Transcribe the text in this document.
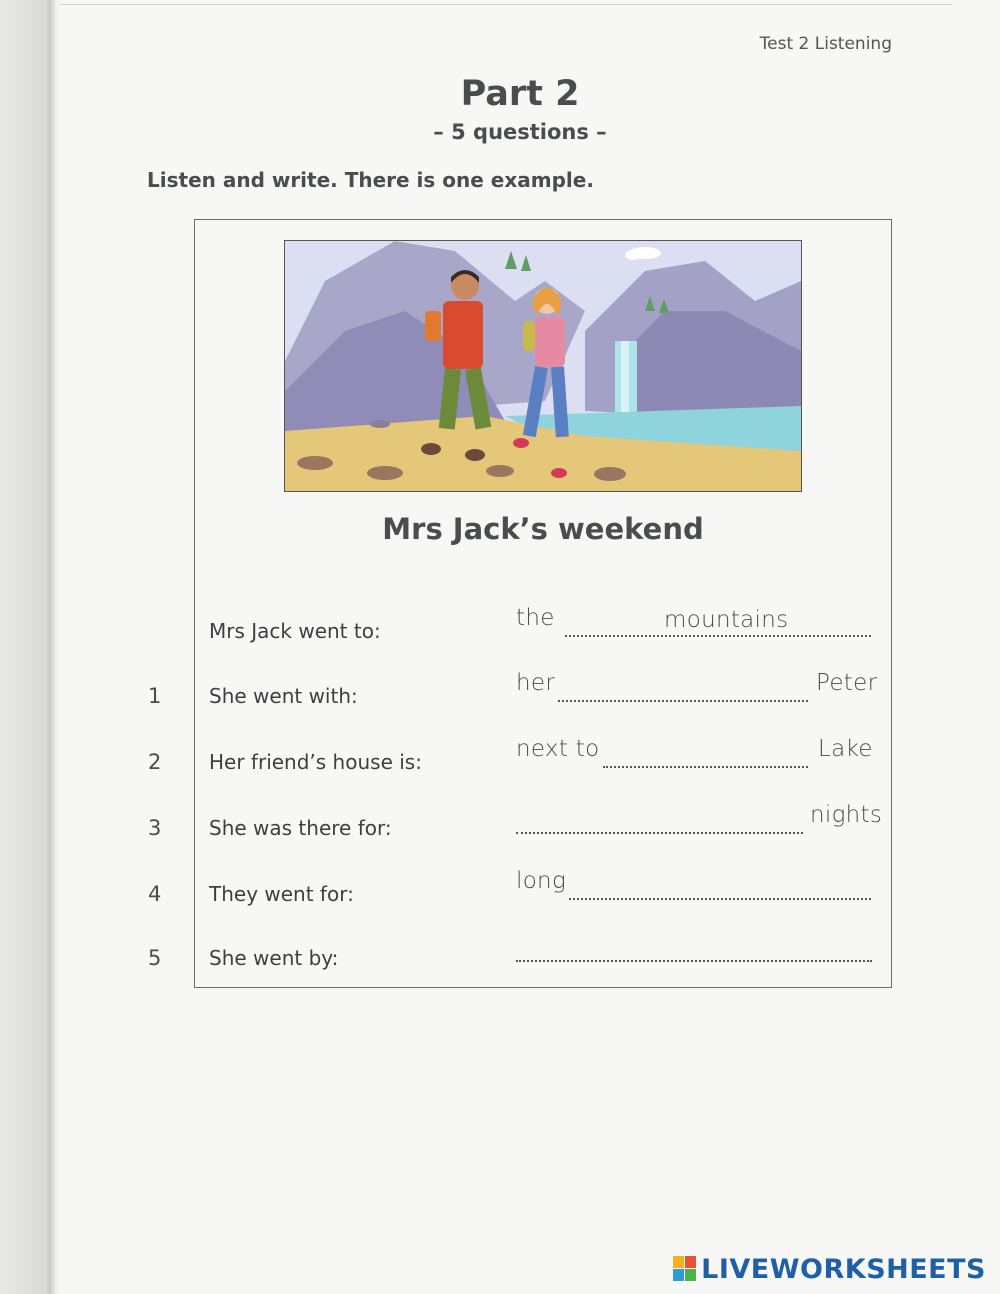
Test 2 Listening
Part 2
– 5 questions –
Listen and write. There is one example.
Mrs Jack’s weekend
Mrs Jack went to:	the	mountains
1 She went with:	her	Peter
2 Her friend’s house is:	next to	Lake
3 She was there for:	nights
4 They went for:	long
5 She went by:
LIVEWORKSHEETS
